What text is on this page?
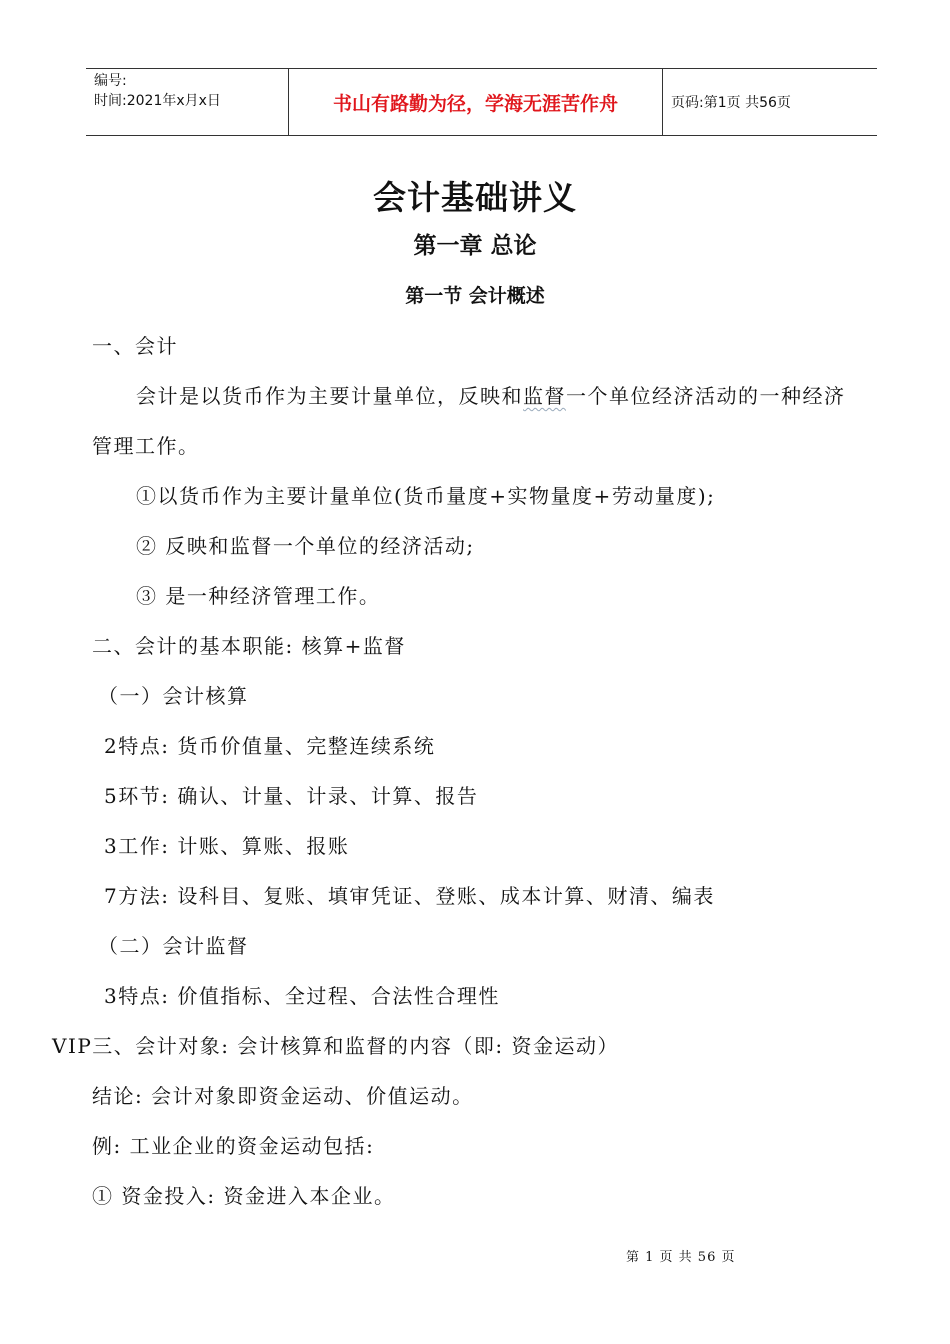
编号:
时间:2021年x月x日	书山有路勤为径，学海无涯苦作舟	页码:第1页 共56页
会计基础讲义
第一章 总论
第一节 会计概述
一、会计
会计是以货币作为主要计量单位，反映和监督一个单位经济活动的一种经济
管理工作。
①以货币作为主要计量单位(货币量度+实物量度+劳动量度);
② 反映和监督一个单位的经济活动;
③ 是一种经济管理工作。
二、会计的基本职能: 核算+监督
（一）会计核算
2特点: 货币价值量、完整连续系统
5环节: 确认、计量、计录、计算、报告
3工作: 计账、算账、报账
7方法: 设科目、复账、填审凭证、登账、成本计算、财清、编表
（二）会计监督
3特点: 价值指标、全过程、合法性合理性
VIP三、会计对象: 会计核算和监督的内容（即: 资金运动）
结论: 会计对象即资金运动、价值运动。
例: 工业企业的资金运动包括:
① 资金投入: 资金进入本企业。
第 1 页 共 56 页
